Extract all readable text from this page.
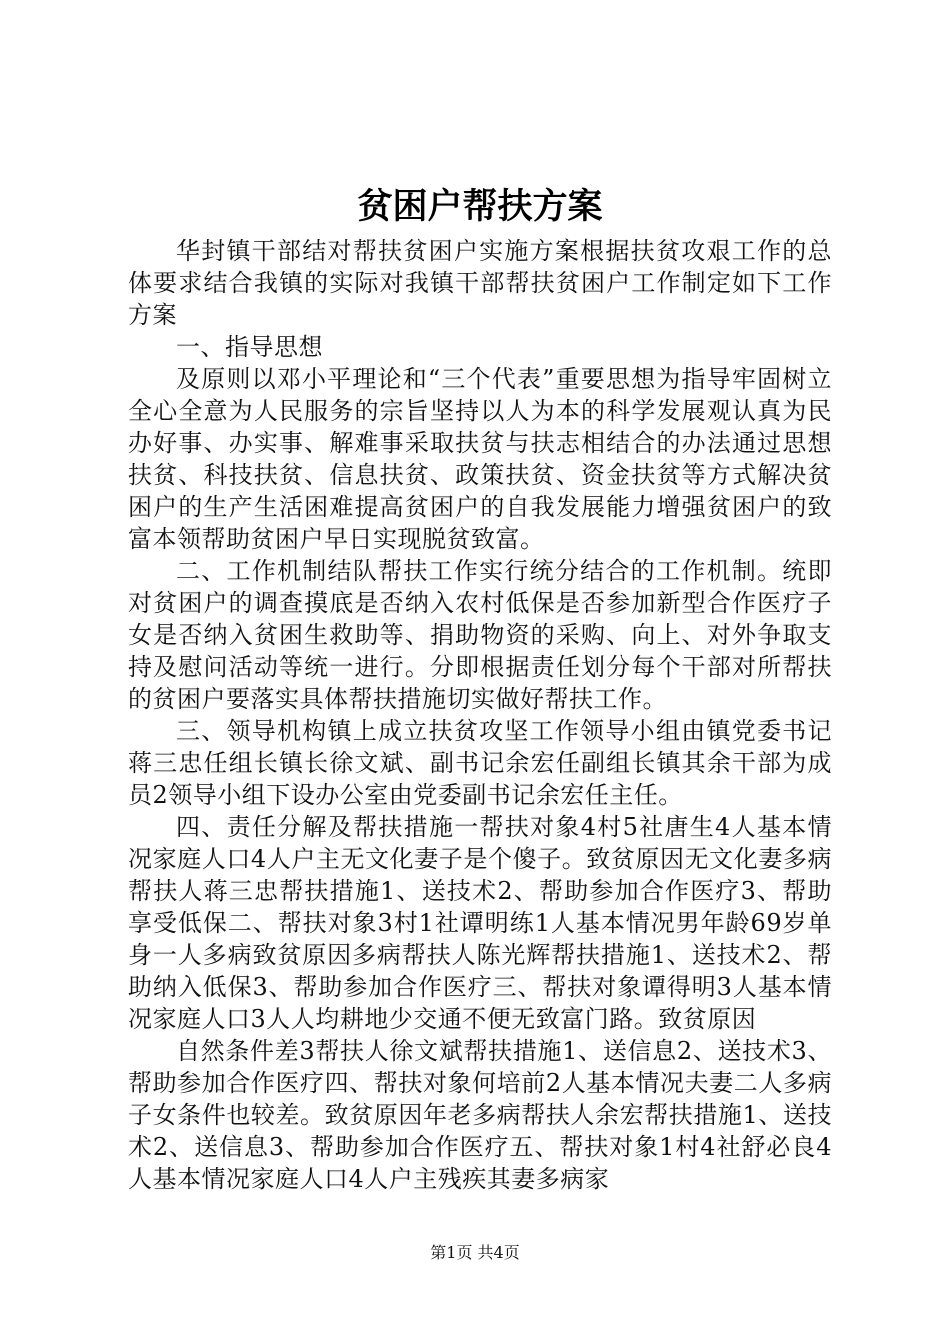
贫困户帮扶方案

华封镇干部结对帮扶贫困户实施方案根据扶贫攻艰工作的总体要求结合我镇的实际对我镇干部帮扶贫困户工作制定如下工作方案

一、指导思想

及原则以邓小平理论和“三个代表”重要思想为指导牢固树立全心全意为人民服务的宗旨坚持以人为本的科学发展观认真为民办好事、办实事、解难事采取扶贫与扶志相结合的办法通过思想扶贫、科技扶贫、信息扶贫、政策扶贫、资金扶贫等方式解决贫困户的生产生活困难提高贫困户的自我发展能力增强贫困户的致富本领帮助贫困户早日实现脱贫致富。

二、工作机制结队帮扶工作实行统分结合的工作机制。统即对贫困户的调查摸底是否纳入农村低保是否参加新型合作医疗子女是否纳入贫困生救助等、捐助物资的采购、向上、对外争取支持及慰问活动等统一进行。分即根据责任划分每个干部对所帮扶的贫困户要落实具体帮扶措施切实做好帮扶工作。

三、领导机构镇上成立扶贫攻坚工作领导小组由镇党委书记蒋三忠任组长镇长徐文斌、副书记余宏任副组长镇其余干部为成员2领导小组下设办公室由党委副书记余宏任主任。

四、责任分解及帮扶措施一帮扶对象4村5社唐生4人基本情况家庭人口4人户主无文化妻子是个傻子。致贫原因无文化妻多病帮扶人蒋三忠帮扶措施1、送技术2、帮助参加合作医疗3、帮助享受低保二、帮扶对象3村1社谭明练1人基本情况男年龄69岁单身一人多病致贫原因多病帮扶人陈光辉帮扶措施1、送技术2、帮助纳入低保3、帮助参加合作医疗三、帮扶对象谭得明3人基本情况家庭人口3人人均耕地少交通不便无致富门路。致贫原因

自然条件差3帮扶人徐文斌帮扶措施1、送信息2、送技术3、帮助参加合作医疗四、帮扶对象何培前2人基本情况夫妻二人多病子女条件也较差。致贫原因年老多病帮扶人余宏帮扶措施1、送技术2、送信息3、帮助参加合作医疗五、帮扶对象1村4社舒必良4人基本情况家庭人口4人户主残疾其妻多病家

第1页 共4页
